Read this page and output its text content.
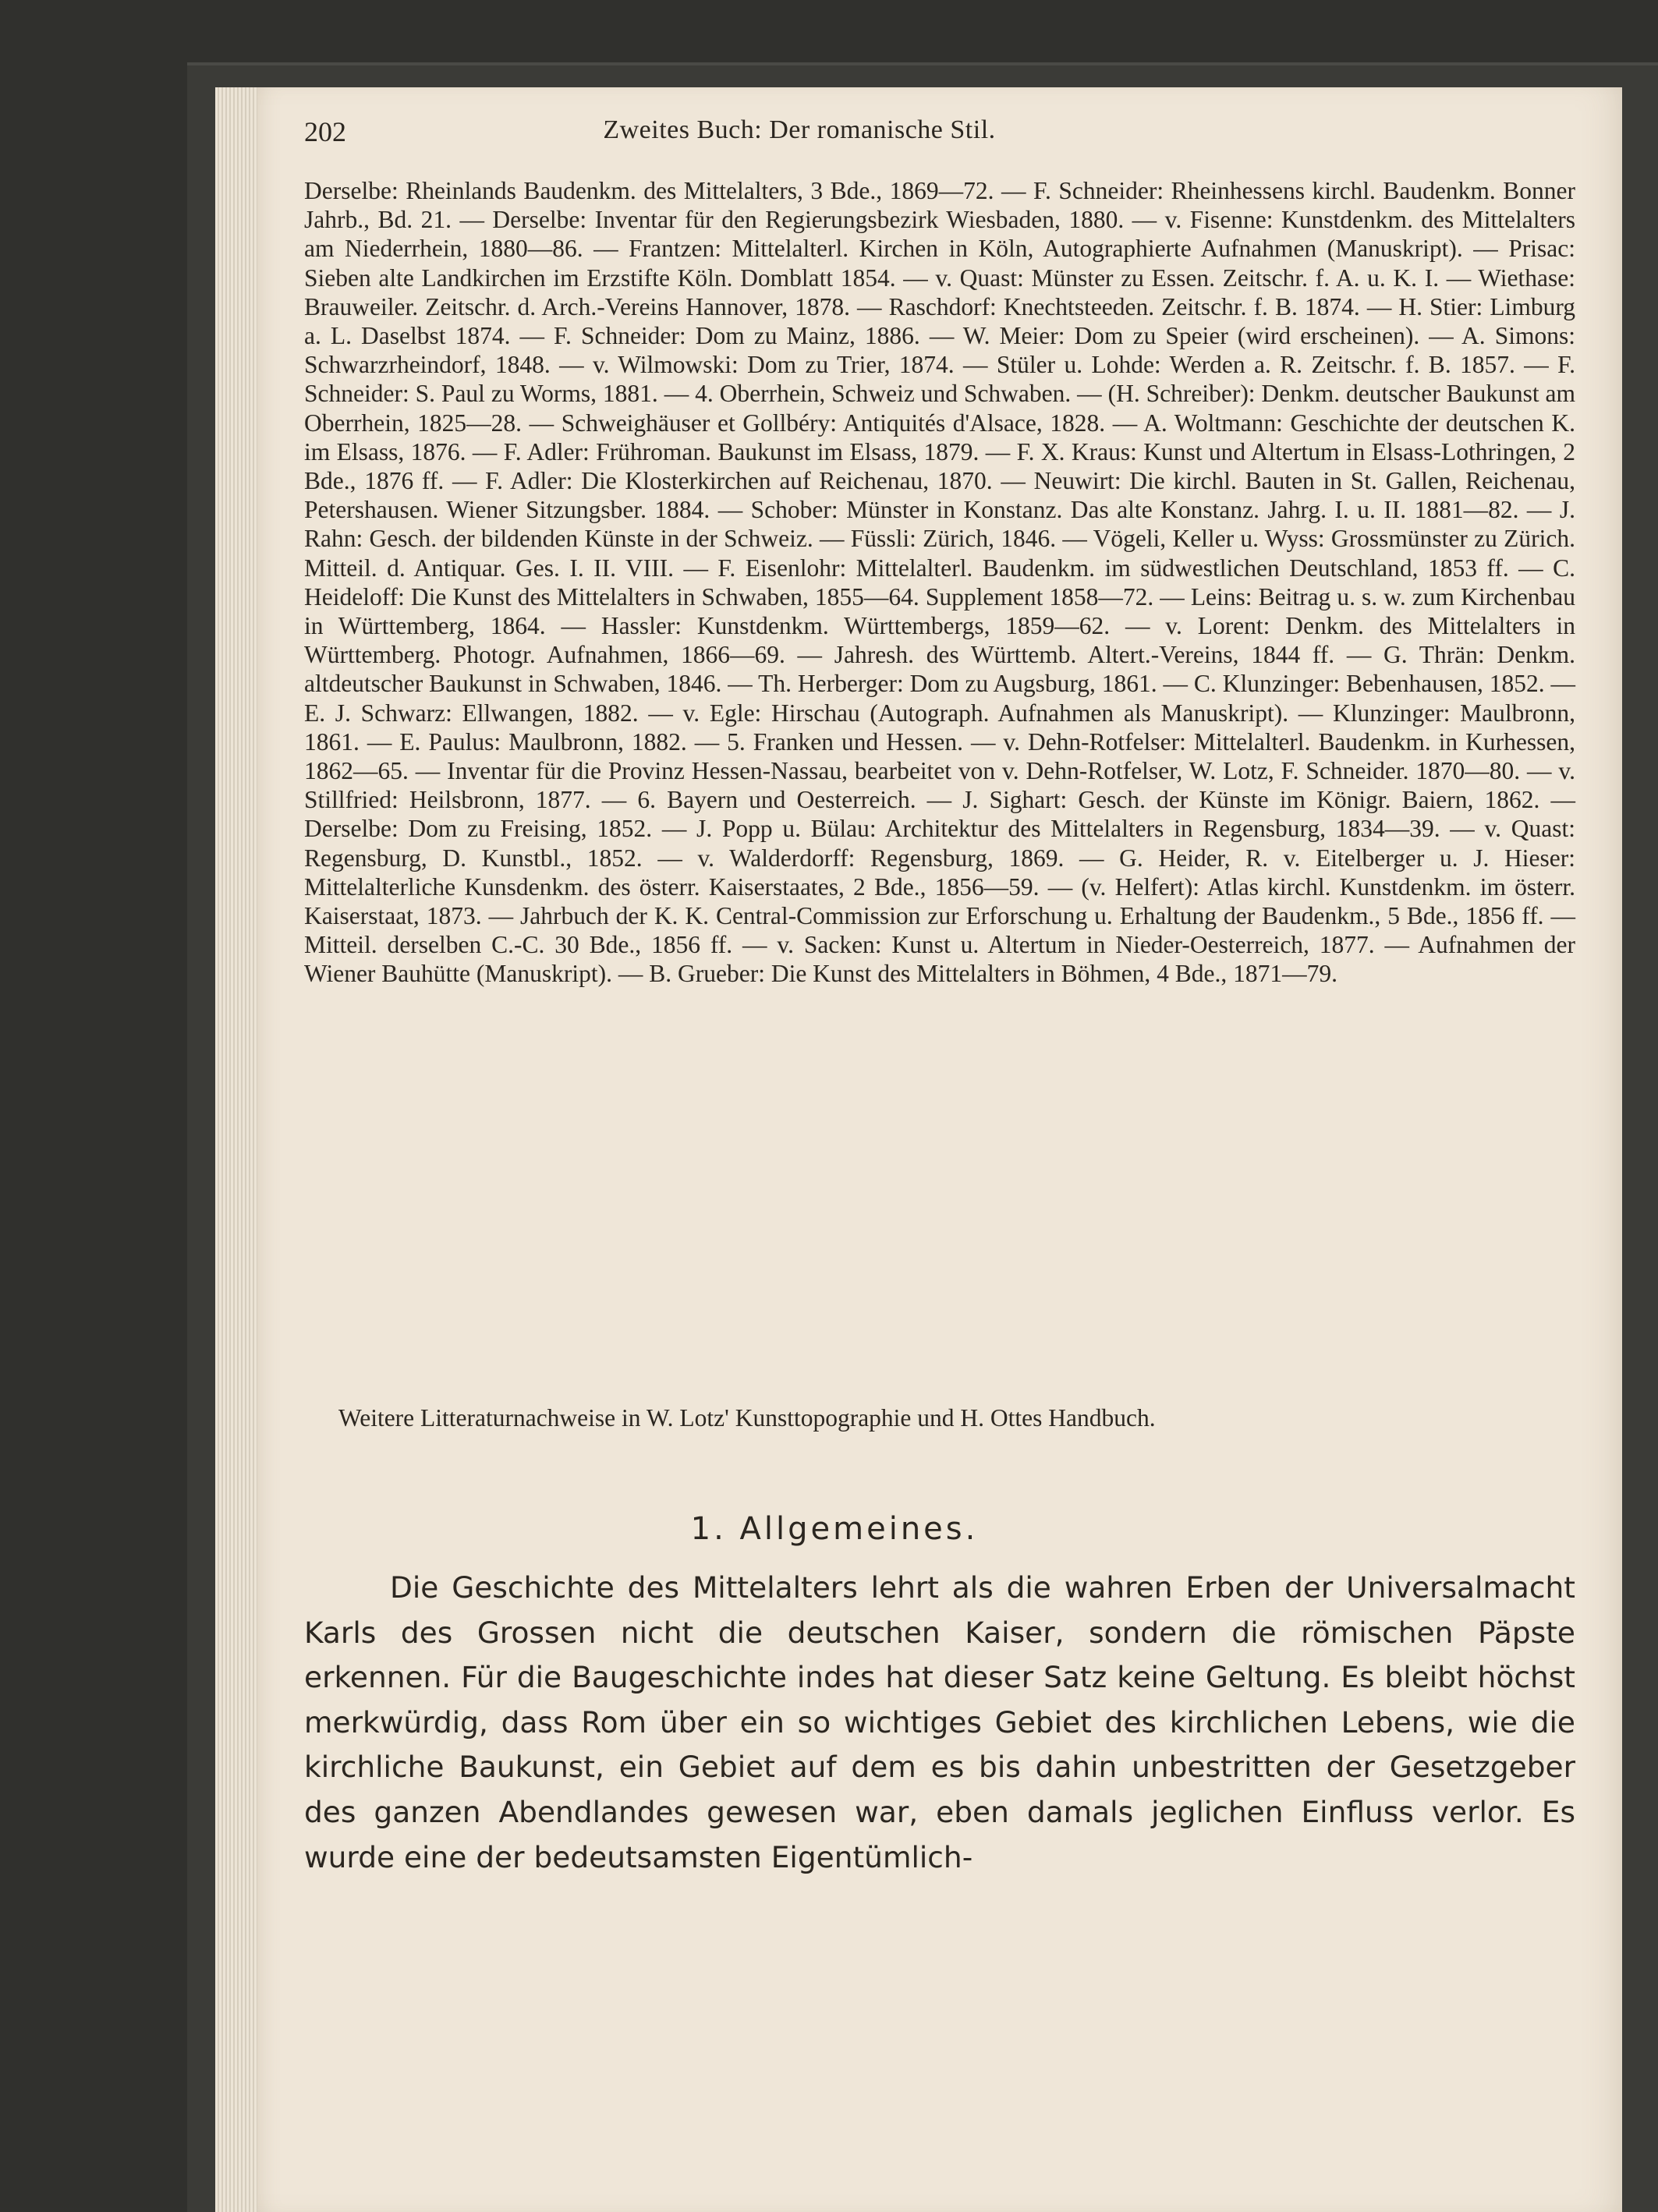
202	Zweites Buch: Der romanische Stil.

Derselbe: Rheinlands Baudenkm. des Mittelalters, 3 Bde., 1869—72. — F. Schneider: Rheinhessens kirchl. Baudenkm. Bonner Jahrb., Bd. 21. — Derselbe: Inventar für den Regierungsbezirk Wiesbaden, 1880. — v. Fisenne: Kunstdenkm. des Mittelalters am Niederrhein, 1880—86. — Frantzen: Mittelalterl. Kirchen in Köln, Autographierte Aufnahmen (Manuskript). — Prisac: Sieben alte Landkirchen im Erzstifte Köln. Domblatt 1854. — v. Quast: Münster zu Essen. Zeitschr. f. A. u. K. I. — Wiethase: Brauweiler. Zeitschr. d. Arch.-Vereins Hannover, 1878. — Raschdorf: Knechtsteeden. Zeitschr. f. B. 1874. — H. Stier: Limburg a. L. Daselbst 1874. — F. Schneider: Dom zu Mainz, 1886. — W. Meier: Dom zu Speier (wird erscheinen). — A. Simons: Schwarzrheindorf, 1848. — v. Wilmowski: Dom zu Trier, 1874. — Stüler u. Lohde: Werden a. R. Zeitschr. f. B. 1857. — F. Schneider: S. Paul zu Worms, 1881. — 4. Oberrhein, Schweiz und Schwaben. — (H. Schreiber): Denkm. deutscher Baukunst am Oberrhein, 1825—28. — Schweighäuser et Gollbéry: Antiquités d'Alsace, 1828. — A. Woltmann: Geschichte der deutschen K. im Elsass, 1876. — F. Adler: Frühroman. Baukunst im Elsass, 1879. — F. X. Kraus: Kunst und Altertum in Elsass-Lothringen, 2 Bde., 1876 ff. — F. Adler: Die Klosterkirchen auf Reichenau, 1870. — Neuwirt: Die kirchl. Bauten in St. Gallen, Reichenau, Petershausen. Wiener Sitzungsber. 1884. — Schober: Münster in Konstanz. Das alte Konstanz. Jahrg. I. u. II. 1881—82. — J. Rahn: Gesch. der bildenden Künste in der Schweiz. — Füssli: Zürich, 1846. — Vögeli, Keller u. Wyss: Grossmünster zu Zürich. Mitteil. d. Antiquar. Ges. I. II. VIII. — F. Eisenlohr: Mittelalterl. Baudenkm. im südwestlichen Deutschland, 1853 ff. — C. Heideloff: Die Kunst des Mittelalters in Schwaben, 1855—64. Supplement 1858—72. — Leins: Beitrag u. s. w. zum Kirchenbau in Württemberg, 1864. — Hassler: Kunstdenkm. Württembergs, 1859—62. — v. Lorent: Denkm. des Mittelalters in Württemberg. Photogr. Aufnahmen, 1866—69. — Jahresh. des Württemb. Altert.-Vereins, 1844 ff. — G. Thrän: Denkm. altdeutscher Baukunst in Schwaben, 1846. — Th. Herberger: Dom zu Augsburg, 1861. — C. Klunzinger: Bebenhausen, 1852. — E. J. Schwarz: Ellwangen, 1882. — v. Egle: Hirschau (Autograph. Aufnahmen als Manuskript). — Klunzinger: Maulbronn, 1861. — E. Paulus: Maulbronn, 1882. — 5. Franken und Hessen. — v. Dehn-Rotfelser: Mittelalterl. Baudenkm. in Kurhessen, 1862—65. — Inventar für die Provinz Hessen-Nassau, bearbeitet von v. Dehn-Rotfelser, W. Lotz, F. Schneider. 1870—80. — v. Stillfried: Heilsbronn, 1877. — 6. Bayern und Oesterreich. — J. Sighart: Gesch. der Künste im Königr. Baiern, 1862. — Derselbe: Dom zu Freising, 1852. — J. Popp u. Bülau: Architektur des Mittelalters in Regensburg, 1834—39. — v. Quast: Regensburg, D. Kunstbl., 1852. — v. Walderdorff: Regensburg, 1869. — G. Heider, R. v. Eitelberger u. J. Hieser: Mittelalterliche Kunsdenkm. des österr. Kaiserstaates, 2 Bde., 1856—59. — (v. Helfert): Atlas kirchl. Kunstdenkm. im österr. Kaiserstaat, 1873. — Jahrbuch der K. K. Central-Commission zur Erforschung u. Erhaltung der Baudenkm., 5 Bde., 1856 ff. — Mitteil. derselben C.-C. 30 Bde., 1856 ff. — v. Sacken: Kunst u. Altertum in Nieder-Oesterreich, 1877. — Aufnahmen der Wiener Bauhütte (Manuskript). — B. Grueber: Die Kunst des Mittelalters in Böhmen, 4 Bde., 1871—79.

Weitere Litteraturnachweise in W. Lotz' Kunsttopographie und H. Ottes Handbuch.

1. Allgemeines.

Die Geschichte des Mittelalters lehrt als die wahren Erben der Universalmacht Karls des Grossen nicht die deutschen Kaiser, sondern die römischen Päpste erkennen. Für die Baugeschichte indes hat dieser Satz keine Geltung. Es bleibt höchst merkwürdig, dass Rom über ein so wichtiges Gebiet des kirchlichen Lebens, wie die kirchliche Baukunst, ein Gebiet auf dem es bis dahin unbestritten der Gesetzgeber des ganzen Abendlandes gewesen war, eben damals jeglichen Einfluss verlor. Es wurde eine der bedeutsamsten Eigentümlich-
